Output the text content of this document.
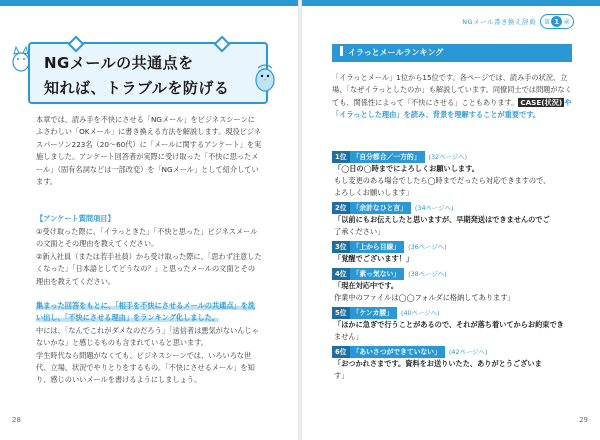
NGメールの共通点を
知れば、トラブルを防げる

本章では、読み手を不快にさせる「NGメール」をビジネスシーンにふさわしい「OKメール」に書き換える方法を解説します。現役ビジネスパーソン223名（20〜60代）に「メールに関するアンケート」を実施しました。アンケート回答者が実際に受け取った「不快に思ったメール」（固有名詞などは一部改変）を「NGメール」として紹介しています。

【アンケート質問項目】

①受け取った際に、「イラっときた」「不快と思った」ビジネスメールの文面とその理由を教えてください。

②新入社員（または若手社員）から受け取った際に、「思わず注意したくなった」「日本語としてどうなの？」と思ったメールの文面とその理由を教えてください。

集まった回答をもとに、「相手を不快にさせるメールの共通点」を洗い出し、「不快にさせる理由」をランキング化しました。

中には、「なんでこれがダメなのだろう」「送信者は悪気がないんじゃないかな」と感じるものも含まれていると思います。

学生時代なら問題がなくても、ビジネスシーンでは、いろいろな世代、立場、状況でやりとりをするもの。「不快にさせるメール」を知り、感じのいいメールを書けるようにしましょう。

28
NGメール書き換え辞典 第 1 章
イラっとメールランキング

「イラっとメール」1位から15位です。各ページでは、読み手の状況、立場、「なぜイラっとしたのか」も解説しています。同僚同士では問題がなくても、関係性によって「不快にさせる」こともあります。 CASE(状況) や「イラっとした理由」を読み、背景を理解することが重要です。

1位 「自分都合／一方的」 (32ページへ)
「◯日の◯時までによろしくお願いします。
もし変更のある場合でしたら◯時までだったら対応できますので、
よろしくお願いします」
2位 「余計なひと言」 (34ページへ)
「以前にもお伝えしたと思いますが、早期発送はできませんのでご
了承ください」
3位 「上から目線」 (36ページへ)
「覚醒でございます！」
4位 「素っ気ない」 (38ページへ)
「現在対応中です。
作業中のファイルは◯◯フォルダに格納してあります」
5位 「ケンカ腰」 (40ページへ)
「ほかに急ぎで行うことがあるので、それが落ち着いてからお約束でき
ません」
6位 「あいさつができていない」 (42ページへ)
「おつかれさまです。資料をお送りいたた、ありがとうございま
す」
29
